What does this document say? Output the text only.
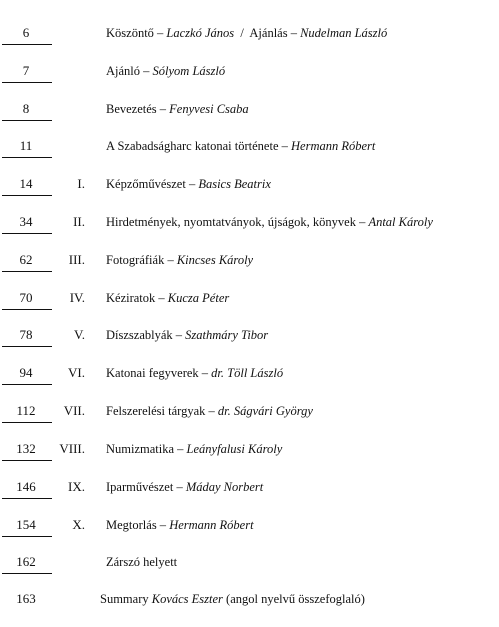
6	Köszöntő – Laczkó János  /  Ajánlás – Nudelman László
7	Ajánló – Sólyom László
8	Bevezetés – Fenyvesi Csaba
11	A Szabadságharc katonai története – Hermann Róbert
14	I. Képzőművészet – Basics Beatrix
34	II. Hirdetmények, nyomtatványok, újságok, könyvek – Antal Károly
62	III. Fotográfiák – Kincses Károly
70	IV. Kéziratok – Kucza Péter
78	V. Díszszablyák – Szathmáry Tibor
94	VI. Katonai fegyverek – dr. Töll László
112	VII. Felszerelési tárgyak – dr. Ságvári György
132	VIII. Numizmatika – Leányfalusi Károly
146	IX. Iparművészet – Máday Norbert
154	X. Megtorlás – Hermann Róbert
162	Zárszó helyett
163	Summary Kovács Eszter (angol nyelvű összefoglaló)
